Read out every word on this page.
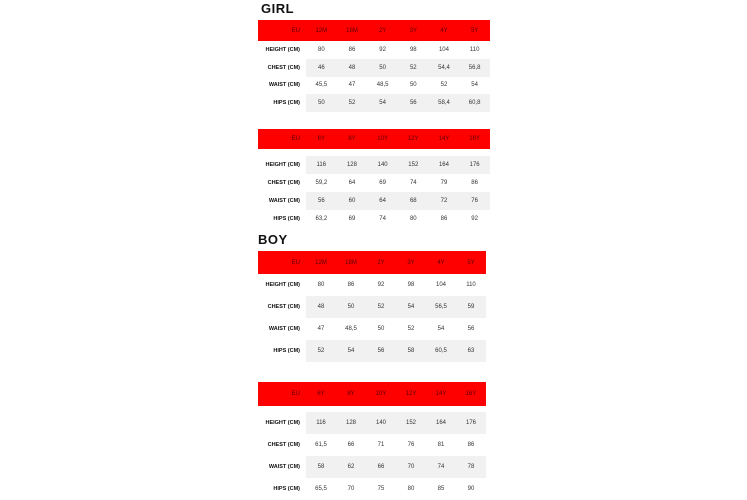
GIRL
BOY
EU	12M	18M	2Y	3Y	4Y	5Y
HEIGHT (CM)	80	86	92	98	104	110
CHEST (CM)	46	48	50	52	54,4	56,8
WAIST (CM)	45,5	47	48,5	50	52	54
HIPS (CM)	50	52	54	56	58,4	60,8
EU	6Y	8Y	10Y	12Y	14Y	16Y

HEIGHT (CM)	116	128	140	152	164	176
CHEST (CM)	59,2	64	69	74	79	86
WAIST (CM)	56	60	64	68	72	76
HIPS (CM)	63,2	69	74	80	86	92
EU	12M	18M	2Y	3Y	4Y	5Y
HEIGHT (CM)	80	86	92	98	104	110
CHEST (CM)	48	50	52	54	56,5	59
WAIST (CM)	47	48,5	50	52	54	56
HIPS (CM)	52	54	56	58	60,5	63
EU	6Y	8Y	10Y	12Y	14Y	16Y

HEIGHT (CM)	116	128	140	152	164	176
CHEST (CM)	61,5	66	71	76	81	86
WAIST (CM)	58	62	66	70	74	78
HIPS (CM)	65,5	70	75	80	85	90
